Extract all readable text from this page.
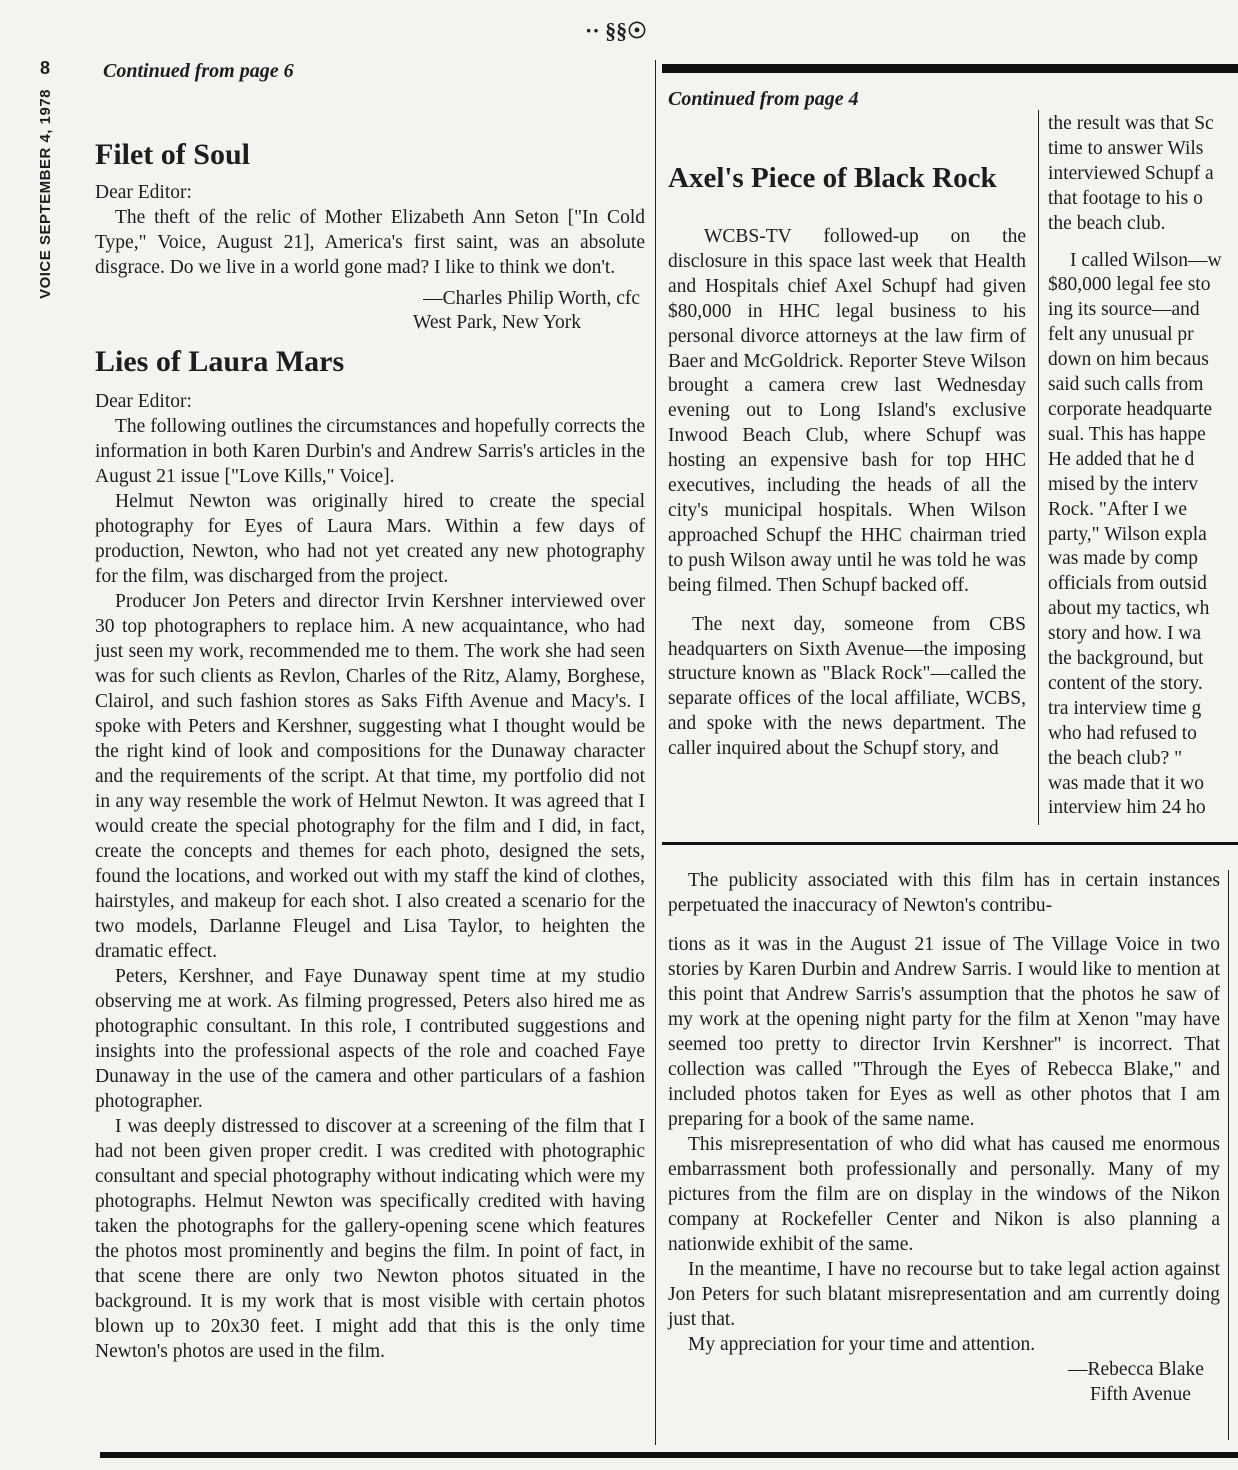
8
VOICE SEPTEMBER 4, 1978
·· §§☉
Continued from page 6
Filet of Soul
Dear Editor:

The theft of the relic of Mother Elizabeth Ann Seton ["In Cold Type," Voice, August 21], America's first saint, was an absolute disgrace. Do we live in a world gone mad? I like to think we don't.

—Charles Philip Worth, cfc
West Park, New York
Lies of Laura Mars
Dear Editor:

The following outlines the circumstances and hopefully corrects the information in both Karen Durbin's and Andrew Sarris's articles in the August 21 issue ["Love Kills," Voice].

Helmut Newton was originally hired to create the special photography for Eyes of Laura Mars. Within a few days of production, Newton, who had not yet created any new photography for the film, was discharged from the project.

Producer Jon Peters and director Irvin Kershner interviewed over 30 top photographers to replace him. A new acquaintance, who had just seen my work, recommended me to them. The work she had seen was for such clients as Revlon, Charles of the Ritz, Alamy, Borghese, Clairol, and such fashion stores as Saks Fifth Avenue and Macy's. I spoke with Peters and Kershner, suggesting what I thought would be the right kind of look and compositions for the Dunaway character and the requirements of the script. At that time, my portfolio did not in any way resemble the work of Helmut Newton. It was agreed that I would create the special photography for the film and I did, in fact, create the concepts and themes for each photo, designed the sets, found the locations, and worked out with my staff the kind of clothes, hairstyles, and makeup for each shot. I also created a scenario for the two models, Darlanne Fleugel and Lisa Taylor, to heighten the dramatic effect.

Peters, Kershner, and Faye Dunaway spent time at my studio observing me at work. As filming progressed, Peters also hired me as photographic consultant. In this role, I contributed suggestions and insights into the professional aspects of the role and coached Faye Dunaway in the use of the camera and other particulars of a fashion photographer.

I was deeply distressed to discover at a screening of the film that I had not been given proper credit. I was credited with photographic consultant and special photography without indicating which were my photographs. Helmut Newton was specifically credited with having taken the photographs for the gallery-opening scene which features the photos most prominently and begins the film. In point of fact, in that scene there are only two Newton photos situated in the background. It is my work that is most visible with certain photos blown up to 20x30 feet. I might add that this is the only time Newton's photos are used in the film.

Continued from page 4
Axel's Piece of Black Rock

WCBS-TV followed-up on the disclosure in this space last week that Health and Hospitals chief Axel Schupf had given $80,000 in HHC legal business to his personal divorce attorneys at the law firm of Baer and McGoldrick. Reporter Steve Wilson brought a camera crew last Wednesday evening out to Long Island's exclusive Inwood Beach Club, where Schupf was hosting an expensive bash for top HHC executives, including the heads of all the city's municipal hospitals. When Wilson approached Schupf the HHC chairman tried to push Wilson away until he was told he was being filmed. Then Schupf backed off.

The next day, someone from CBS headquarters on Sixth Avenue—the imposing structure known as "Black Rock"—called the separate offices of the local affiliate, WCBS, and spoke with the news department. The caller inquired about the Schupf story, and

the result was that Sc
time to answer Wils
interviewed Schupf a
that footage to his o
the beach club.
I called Wilson—w
$80,000 legal fee sto
ing its source—and
felt any unusual pr
down on him becaus
said such calls from
corporate headquarte
sual. This has happe
He added that he d
mised by the interv
Rock. "After I we
party," Wilson expla
was made by comp
officials from outsid
about my tactics, wh
story and how. I wa
the background, but
content of the story.
tra interview time g
who had refused to
the beach club? "
was made that it wo
interview him 24 ho

The publicity associated with this film has in certain instances perpetuated the inaccuracy of Newton's contribu-

tions as it was in the August 21 issue of The Village Voice in two stories by Karen Durbin and Andrew Sarris. I would like to mention at this point that Andrew Sarris's assumption that the photos he saw of my work at the opening night party for the film at Xenon "may have seemed too pretty to director Irvin Kershner" is incorrect. That collection was called "Through the Eyes of Rebecca Blake," and included photos taken for Eyes as well as other photos that I am preparing for a book of the same name.

This misrepresentation of who did what has caused me enormous embarrassment both professionally and personally. Many of my pictures from the film are on display in the windows of the Nikon company at Rockefeller Center and Nikon is also planning a nationwide exhibit of the same.

In the meantime, I have no recourse but to take legal action against Jon Peters for such blatant misrepresentation and am currently doing just that.

My appreciation for your time and attention.

—Rebecca Blake
Fifth Avenue
